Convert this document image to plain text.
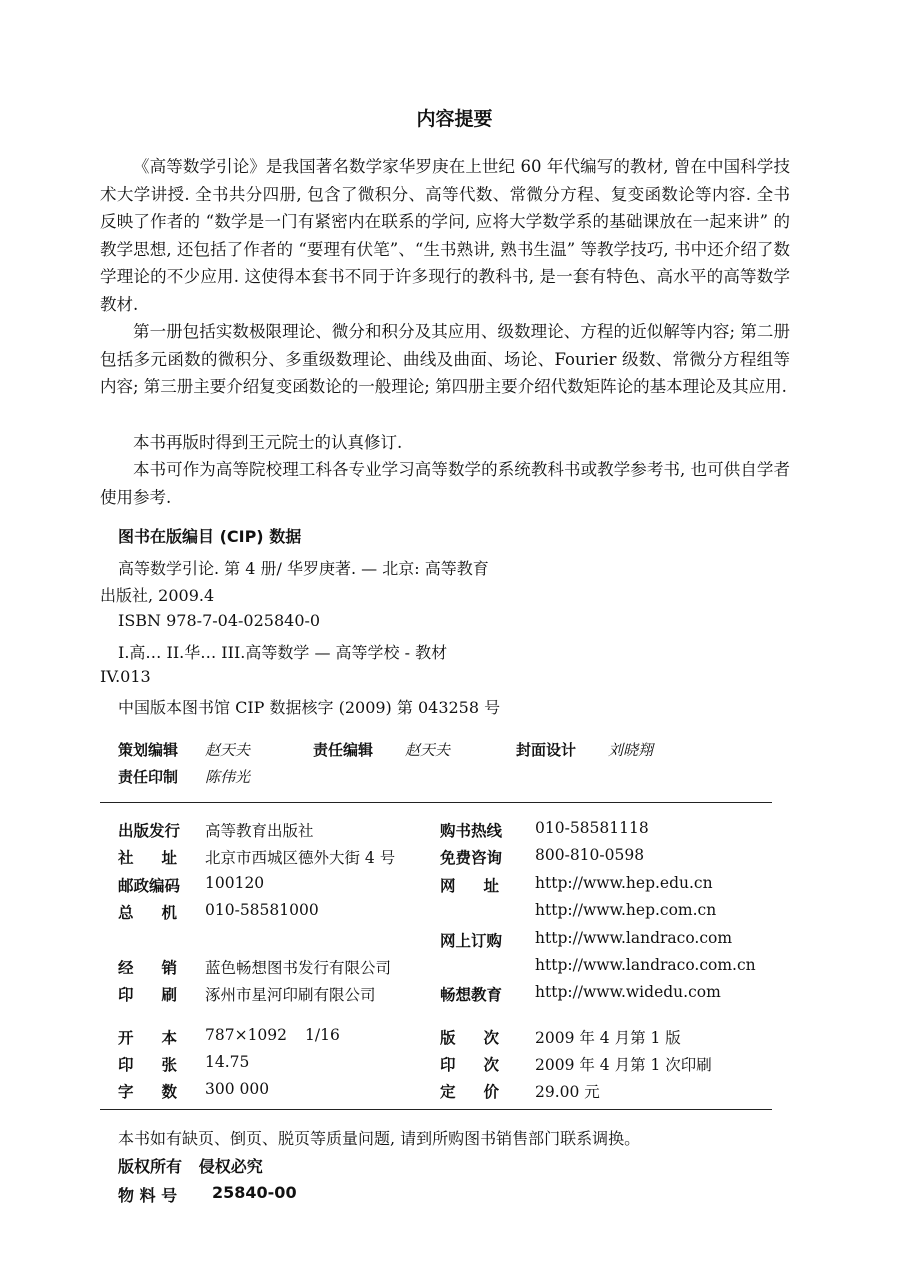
内容提要

《高等数学引论》是我国著名数学家华罗庚在上世纪 60 年代编写的教材, 曾在中国科学技术大学讲授. 全书共分四册, 包含了微积分、高等代数、常微分方程、复变函数论等内容. 全书反映了作者的 “数学是一门有紧密内在联系的学问, 应将大学数学系的基础课放在一起来讲” 的教学思想, 还包括了作者的 “要理有伏笔”、“生书熟讲, 熟书生温” 等教学技巧, 书中还介绍了数学理论的不少应用. 这使得本套书不同于许多现行的教科书, 是一套有特色、高水平的高等数学教材.

第一册包括实数极限理论、微分和积分及其应用、级数理论、方程的近似解等内容; 第二册包括多元函数的微积分、多重级数理论、曲线及曲面、场论、Fourier 级数、常微分方程组等内容; 第三册主要介绍复变函数论的一般理论; 第四册主要介绍代数矩阵论的基本理论及其应用.

本书再版时得到王元院士的认真修订.

本书可作为高等院校理工科各专业学习高等数学的系统教科书或教学参考书, 也可供自学者使用参考.

图书在版编目 (CIP) 数据
高等数学引论. 第 4 册/ 华罗庚著. — 北京: 高等教育
出版社, 2009.4
ISBN 978-7-04-025840-0
I.高… II.华… III.高等数学 — 高等学校 - 教材
IV.013
中国版本图书馆 CIP 数据核字 (2009) 第 043258 号
策划编辑 赵天夫	责任编辑 赵天夫	封面设计 刘晓翔
责任印制 陈伟光
出版发行 高等教育出版社
社址 北京市西城区德外大街 4 号
邮政编码 100120
总机 010-58581000
经销 蓝色畅想图书发行有限公司
印刷 涿州市星河印刷有限公司
购书热线 010-58581118
免费咨询 800-810-0598
网址 http://www.hep.edu.cn
http://www.hep.com.cn
网上订购 http://www.landraco.com
http://www.landraco.com.cn
畅想教育 http://www.widedu.com
开本 787×1092 1/16
印张 14.75
字数 300 000
版次 2009 年 4 月第 1 版
印次 2009 年 4 月第 1 次印刷
定价 29.00 元
本书如有缺页、倒页、脱页等质量问题, 请到所购图书销售部门联系调换。
版权所有   侵权必究
物 料 号 25840-00
